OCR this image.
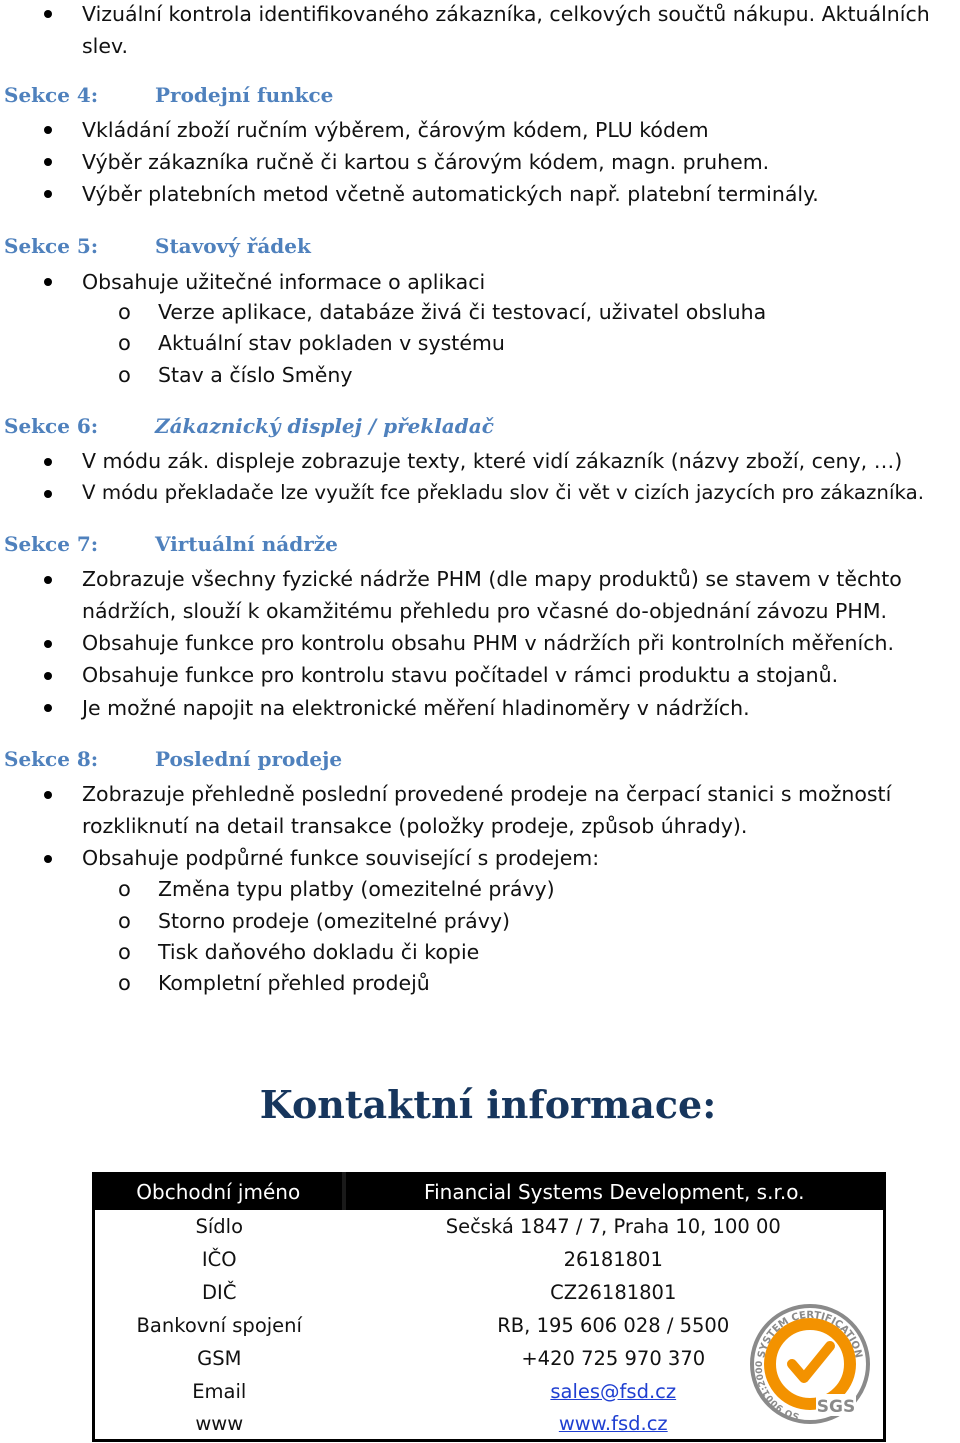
Vizuální kontrola identifikovaného zákazníka, celkových součtů nákupu. Aktuálních
slev.
Sekce 4:	Prodejní funkce
Vkládání zboží ručním výběrem, čárovým kódem, PLU kódem
Výběr zákazníka ručně či kartou s čárovým kódem, magn. pruhem.
Výběr platebních metod včetně automatických např. platební terminály.
Sekce 5:	Stavový řádek
Obsahuje užitečné informace o aplikaci
o Verze aplikace, databáze živá či testovací, uživatel obsluha
o Aktuální stav pokladen v systému
o Stav a číslo Směny
Sekce 6:	Zákaznický displej / překladač
V módu zák. displeje zobrazuje texty, které vidí zákazník (názvy zboží, ceny, …)
V módu překladače lze využít fce překladu slov či vět v cizích jazycích pro zákazníka.
Sekce 7:	Virtuální nádrže
Zobrazuje všechny fyzické nádrže PHM (dle mapy produktů) se stavem v těchto
nádržích, slouží k okamžitému přehledu pro včasné do-objednání závozu PHM.
Obsahuje funkce pro kontrolu obsahu PHM v nádržích při kontrolních měřeních.
Obsahuje funkce pro kontrolu stavu počítadel v rámci produktu a stojanů.
Je možné napojit na elektronické měření hladinoměry v nádržích.
Sekce 8:	Poslední prodeje
Zobrazuje přehledně poslední provedené prodeje na čerpací stanici s možností
rozkliknutí na detail transakce (položky prodeje, způsob úhrady).
Obsahuje podpůrné funkce související s prodejem:
o Změna typu platby (omezitelné právy)
o Storno prodeje (omezitelné právy)
o Tisk daňového dokladu či kopie
o Kompletní přehled prodejů
Kontaktní informace:
Obchodní jméno	Financial Systems Development, s.r.o.
Sídlo	Sečská 1847 / 7, Praha 10, 100 00
IČO	26181801
DIČ	CZ26181801
Bankovní spojení	RB, 195 606 028 / 5500
GSM	+420 725 970 370
Email	sales@fsd.cz
www	www.fsd.cz
SYSTEM CERTIFICATION
SO 9001:2000
SGS
